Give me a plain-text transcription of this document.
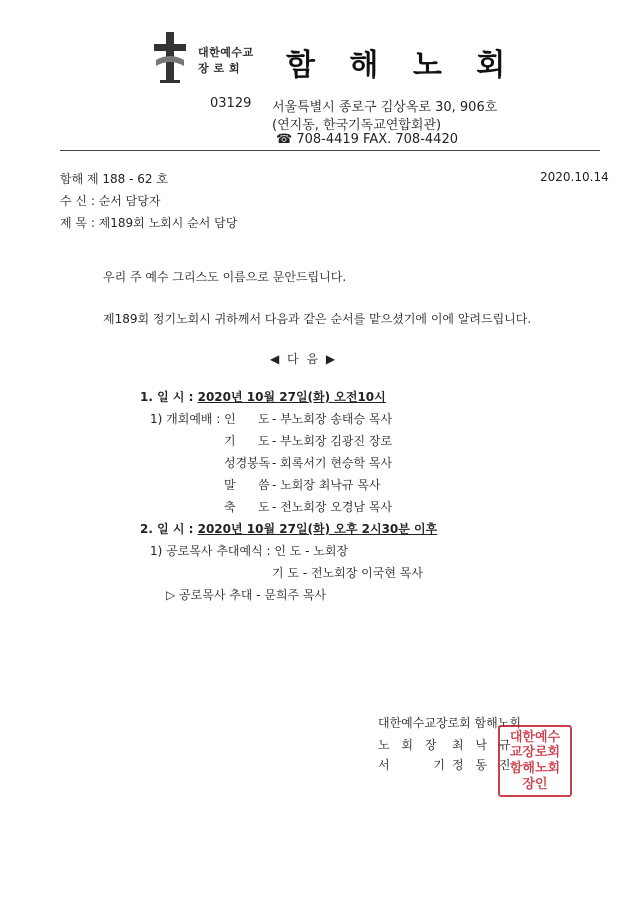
대한예수교
장 로 회 함 해 노 회
03129 서울특별시 종로구 김상옥로 30, 906호
(연지동, 한국기독교연합회관)
☎ 708-4419 FAX. 708-4420
함해 제 188 - 62 호	2020.10.14
수 신 : 순서 담당자
제 목 : 제189회 노회시 순서 담당
우리 주 예수 그리스도 이름으로 문안드립니다.
제189회 정기노회시 귀하께서 다음과 같은 순서를 맡으셨기에 이에 알려드립니다.
◀ 다 음 ▶
1. 일 시 : 2020년 10월 27일(화) 오전10시
1) 개회예배 : 인 도 - 부노회장 송태승 목사
기 도 - 부노회장 김광진 장로
성경봉독 - 회록서기 현승학 목사
말 씀 - 노회장 최낙규 목사
축 도 - 전노회장 오경남 목사
2. 일 시 : 2020년 10월 27일(화) 오후 2시30분 이후
1) 공로목사 추대예식 : 인 도 - 노회장
기 도 - 전노회장 이국현 목사
▷ 공로목사 추대 - 문희주 목사
대한예수교장로회 함해노회
노 회 장 최 낙 규
서 기
정 동 진
대한예수교장로회함해노회장인
